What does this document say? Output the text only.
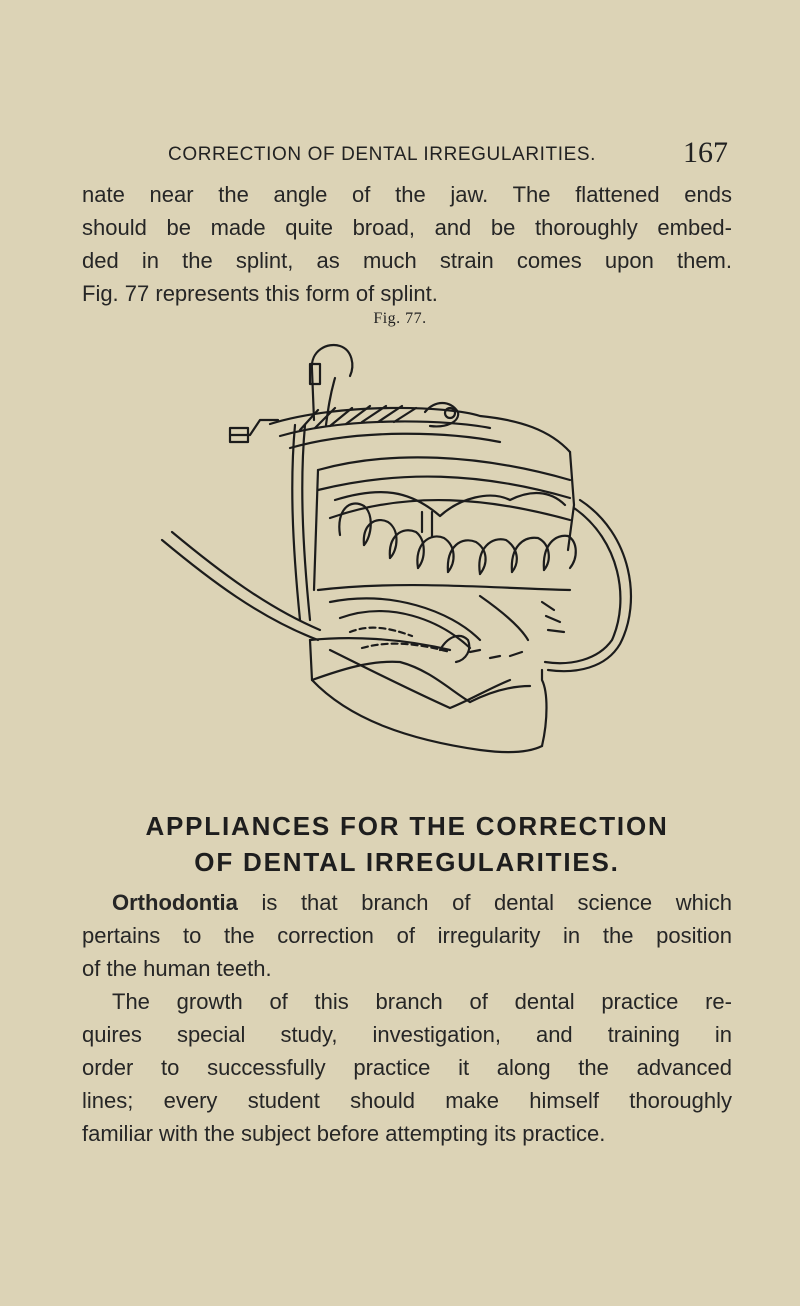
CORRECTION OF DENTAL IRREGULARITIES.	167
nate near the angle of the jaw. The flattened ends
should be made quite broad, and be thoroughly embed-
ded in the splint, as much strain comes upon them.
Fig. 77 represents this form of splint.
Fig. 77.
APPLIANCES FOR THE CORRECTION
OF DENTAL IRREGULARITIES.
Orthodontia is that branch of dental science which
pertains to the correction of irregularity in the position
of the human teeth.
The growth of this branch of dental practice re-
quires special study, investigation, and training in
order to successfully practice it along the advanced
lines; every student should make himself thoroughly
familiar with the subject before attempting its practice.
